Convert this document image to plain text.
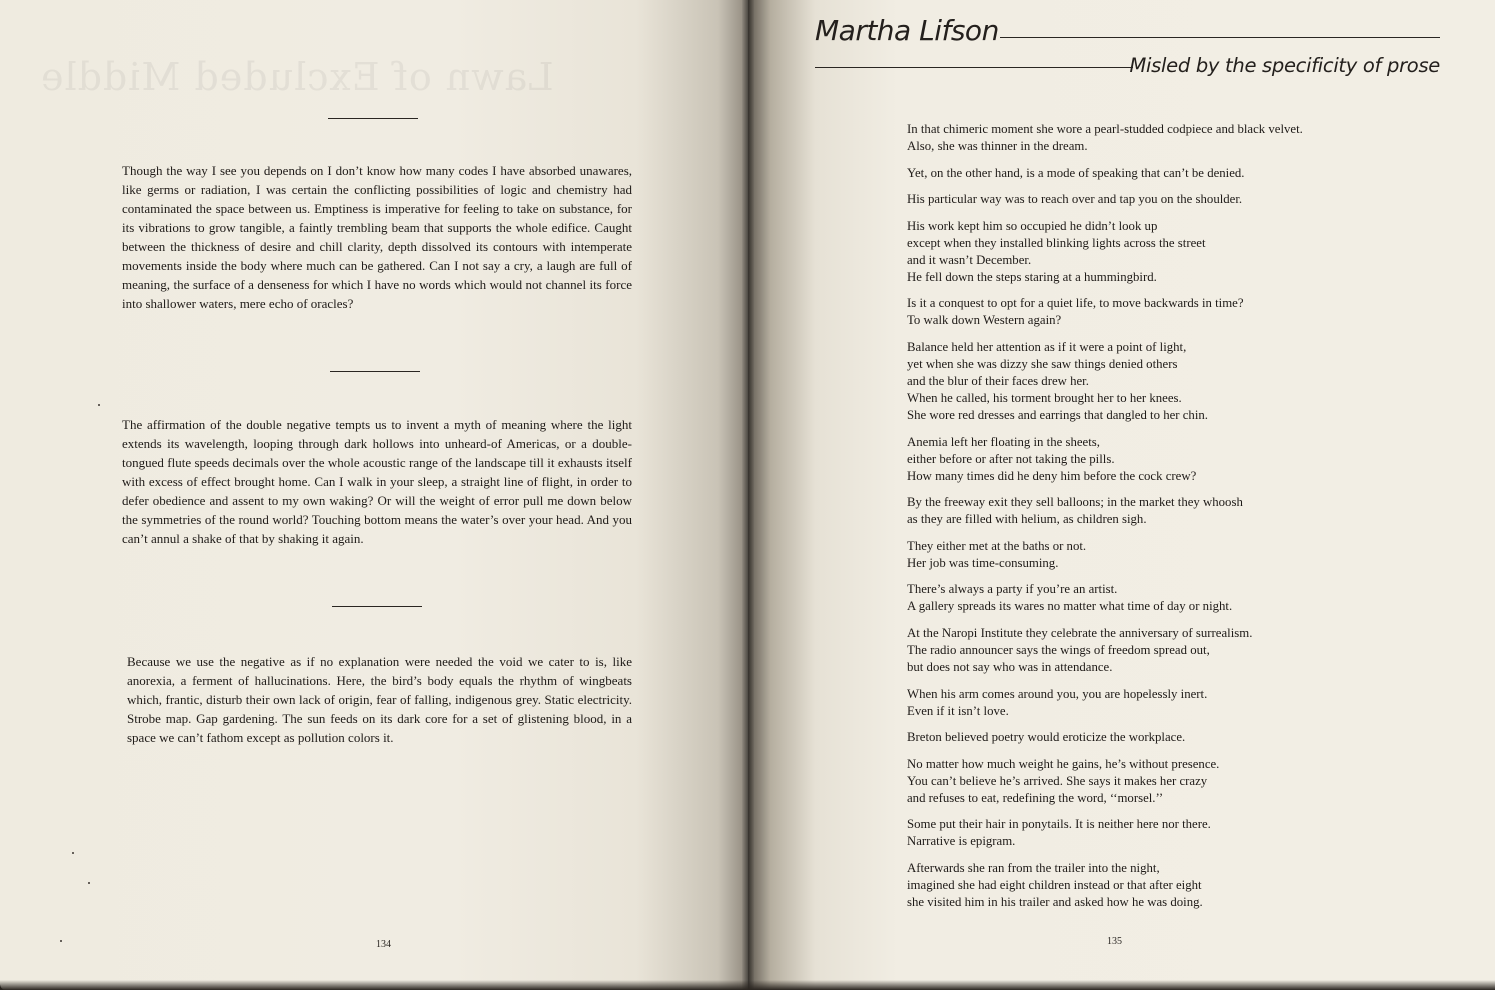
Lawn of Excluded Middle

Though the way I see you depends on I don’t know how many codes I have absorbed unawares, like germs or radiation, I was certain the conflicting possibilities of logic and chemistry had contaminated the space between us. Emptiness is imperative for feeling to take on substance, for its vibrations to grow tangible, a faintly trembling beam that supports the whole edifice. Caught between the thickness of desire and chill clarity, depth dissolved its contours with intemperate movements inside the body where much can be gathered. Can I not say a cry, a laugh are full of meaning, the surface of a denseness for which I have no words which would not channel its force into shallower waters, mere echo of oracles?

The affirmation of the double negative tempts us to invent a myth of meaning where the light extends its wavelength, looping through dark hollows into unheard-of Americas, or a double-tongued flute speeds decimals over the whole acoustic range of the landscape till it exhausts itself with excess of effect brought home. Can I walk in your sleep, a straight line of flight, in order to defer obedience and assent to my own waking? Or will the weight of error pull me down below the symmetries of the round world? Touching bottom means the water’s over your head. And you can’t annul a shake of that by shaking it again.

Because we use the negative as if no explanation were needed the void we cater to is, like anorexia, a ferment of hallucinations. Here, the bird’s body equals the rhythm of wingbeats which, frantic, disturb their own lack of origin, fear of falling, indigenous grey. Static electricity. Strobe map. Gap gardening. The sun feeds on its dark core for a set of glistening blood, in a space we can’t fathom except as pollution colors it.

134
Martha Lifson
Misled by the specificity of prose
In that chimeric moment she wore a pearl-studded codpiece and black velvet.
Also, she was thinner in the dream.
Yet, on the other hand, is a mode of speaking that can’t be denied.
His particular way was to reach over and tap you on the shoulder.
His work kept him so occupied he didn’t look up
except when they installed blinking lights across the street
and it wasn’t December.
He fell down the steps staring at a hummingbird.
Is it a conquest to opt for a quiet life, to move backwards in time?
To walk down Western again?
Balance held her attention as if it were a point of light,
yet when she was dizzy she saw things denied others
and the blur of their faces drew her.
When he called, his torment brought her to her knees.
She wore red dresses and earrings that dangled to her chin.
Anemia left her floating in the sheets,
either before or after not taking the pills.
How many times did he deny him before the cock crew?
By the freeway exit they sell balloons; in the market they whoosh
as they are filled with helium, as children sigh.
They either met at the baths or not.
Her job was time-consuming.
There’s always a party if you’re an artist.
A gallery spreads its wares no matter what time of day or night.
At the Naropi Institute they celebrate the anniversary of surrealism.
The radio announcer says the wings of freedom spread out,
but does not say who was in attendance.
When his arm comes around you, you are hopelessly inert.
Even if it isn’t love.
Breton believed poetry would eroticize the workplace.
No matter how much weight he gains, he’s without presence.
You can’t believe he’s arrived. She says it makes her crazy
and refuses to eat, redefining the word, ‘‘morsel.’’
Some put their hair in ponytails. It is neither here nor there.
Narrative is epigram.
Afterwards she ran from the trailer into the night,
imagined she had eight children instead or that after eight
she visited him in his trailer and asked how he was doing.
135
